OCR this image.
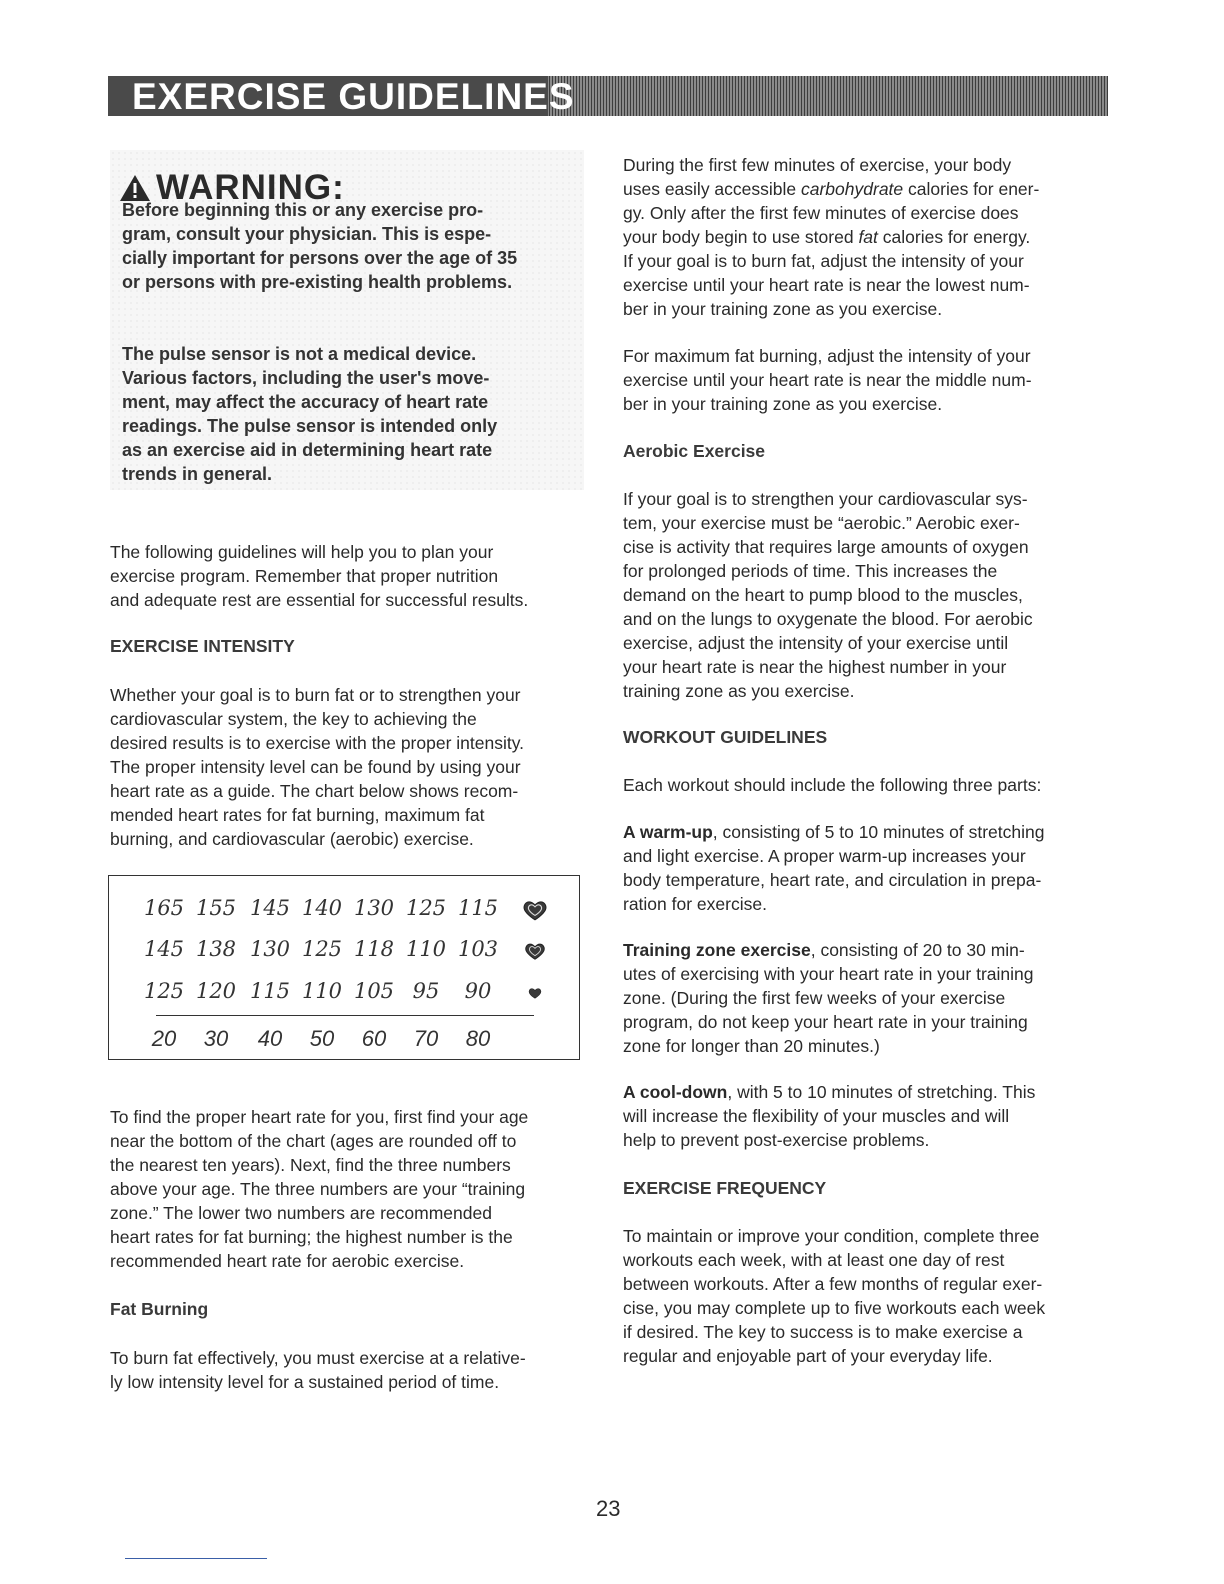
EXERCISE GUIDELINES
WARNING:
Before beginning this or any exercise pro-
gram, consult your physician. This is espe-
cially important for persons over the age of 35
or persons with pre-existing health problems.
The pulse sensor is not a medical device.
Various factors, including the user's move-
ment, may affect the accuracy of heart rate
readings. The pulse sensor is intended only
as an exercise aid in determining heart rate
trends in general.

The following guidelines will help you to plan your

exercise program. Remember that proper nutrition

and adequate rest are essential for successful results.

EXERCISE INTENSITY

Whether your goal is to burn fat or to strengthen your

cardiovascular system, the key to achieving the

desired results is to exercise with the proper intensity.

The proper intensity level can be found by using your

heart rate as a guide. The chart below shows recom-

mended heart rates for fat burning, maximum fat

burning, and cardiovascular (aerobic) exercise.

165 155 145 140 130 125 115
145 138 130 125 118 110 103
125 120 115 110 105 95	90
20	30	40	50	60	70	80

To find the proper heart rate for you, first find your age

near the bottom of the chart (ages are rounded off to

the nearest ten years). Next, find the three numbers

above your age. The three numbers are your “training

zone.” The lower two numbers are recommended

heart rates for fat burning; the highest number is the

recommended heart rate for aerobic exercise.

Fat Burning

To burn fat effectively, you must exercise at a relative-

ly low intensity level for a sustained period of time.

During the first few minutes of exercise, your body

uses easily accessible carbohydrate calories for ener-

gy. Only after the first few minutes of exercise does

your body begin to use stored fat calories for energy.

If your goal is to burn fat, adjust the intensity of your

exercise until your heart rate is near the lowest num-

ber in your training zone as you exercise.

For maximum fat burning, adjust the intensity of your

exercise until your heart rate is near the middle num-

ber in your training zone as you exercise.

Aerobic Exercise

If your goal is to strengthen your cardiovascular sys-

tem, your exercise must be “aerobic.” Aerobic exer-

cise is activity that requires large amounts of oxygen

for prolonged periods of time. This increases the

demand on the heart to pump blood to the muscles,

and on the lungs to oxygenate the blood. For aerobic

exercise, adjust the intensity of your exercise until

your heart rate is near the highest number in your

training zone as you exercise.

WORKOUT GUIDELINES

Each workout should include the following three parts:

A warm-up, consisting of 5 to 10 minutes of stretching

and light exercise. A proper warm-up increases your

body temperature, heart rate, and circulation in prepa-

ration for exercise.

Training zone exercise, consisting of 20 to 30 min-

utes of exercising with your heart rate in your training

zone. (During the first few weeks of your exercise

program, do not keep your heart rate in your training

zone for longer than 20 minutes.)

A cool-down, with 5 to 10 minutes of stretching. This

will increase the flexibility of your muscles and will

help to prevent post-exercise problems.

EXERCISE FREQUENCY

To maintain or improve your condition, complete three

workouts each week, with at least one day of rest

between workouts. After a few months of regular exer-

cise, you may complete up to five workouts each week

if desired. The key to success is to make exercise a

regular and enjoyable part of your everyday life.

23
